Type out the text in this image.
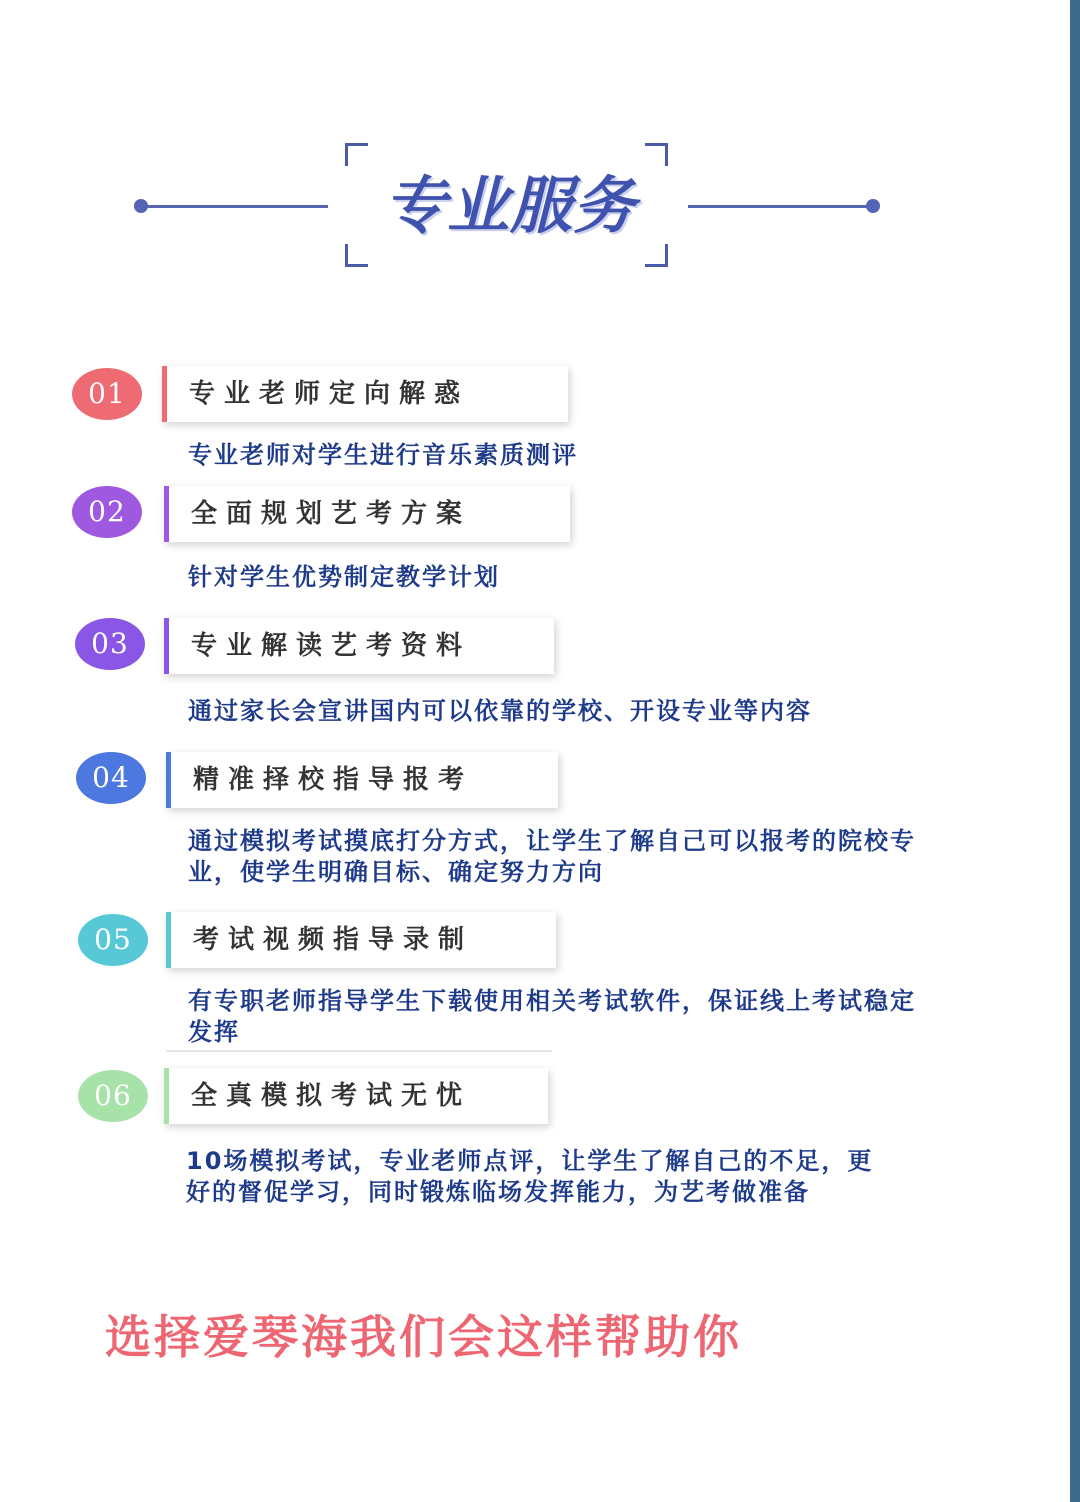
专业服务
01	专业老师定向解惑
专业老师对学生进行音乐素质测评
02	全面规划艺考方案
针对学生优势制定教学计划
03	专业解读艺考资料
通过家长会宣讲国内可以依靠的学校、开设专业等内容
04	精准择校指导报考
通过模拟考试摸底打分方式，让学生了解自己可以报考的院校专业，使学生明确目标、确定努力方向
05	考试视频指导录制
有专职老师指导学生下载使用相关考试软件，保证线上考试稳定发挥
06	全真模拟考试无忧
10场模拟考试，专业老师点评，让学生了解自己的不足，更好的督促学习，同时锻炼临场发挥能力，为艺考做准备
选择爱琴海我们会这样帮助你
